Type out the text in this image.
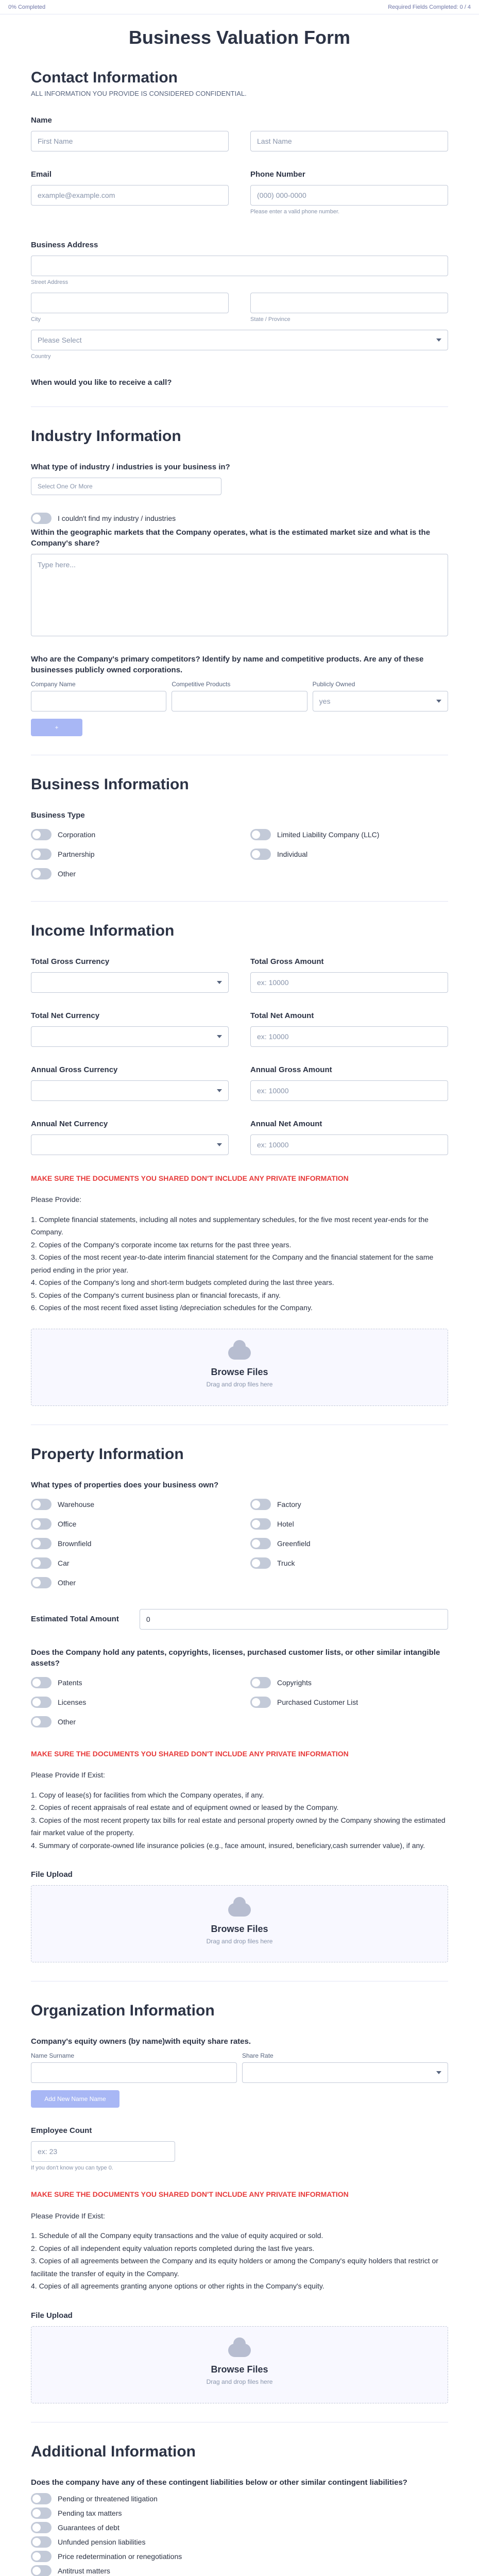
0% Completed	Required Fields Completed: 0 / 4
Business Valuation Form
Contact Information
ALL INFORMATION YOU PROVIDE IS CONSIDERED CONFIDENTIAL.
Name
First Name	Last Name
Email
example@example.com
Phone Number
(000) 000-0000
Please enter a valid phone number.
Business Address
Street Address
City	State / Province
Please Select
Country
When would you like to receive a call?
Industry Information
What type of industry / industries is your business in?
Select One Or More
I couldn't find my industry / industries
Within the geographic markets that the Company operates, what is the estimated market size and what is the Company's share?
Type here...
Who are the Company's primary competitors? Identify by name and competitive products. Are any of these businesses publicly owned corporations.
Company Name	Competitive Products	Publicly Owned
yes
+
Business Information
Business Type
Corporation	Limited Liability Company (LLC)
Partnership	Individual
Other
Income Information
Total Gross Currency	Total Gross Amount
ex: 10000
Total Net Currency	Total Net Amount
ex: 10000
Annual Gross Currency	Annual Gross Amount
ex: 10000
Annual Net Currency	Annual Net Amount
ex: 10000
MAKE SURE THE DOCUMENTS YOU SHARED DON'T INCLUDE ANY PRIVATE INFORMATION
Please Provide:
1. Complete financial statements, including all notes and supplementary schedules, for the five most recent year-ends for the Company.
2. Copies of the Company's corporate income tax returns for the past three years.
3. Copies of the most recent year-to-date interim financial statement for the Company and the financial statement for the same period ending in the prior year.
4. Copies of the Company's long and short-term budgets completed during the last three years.
5. Copies of the Company's current business plan or financial forecasts, if any.
6. Copies of the most recent fixed asset listing /depreciation schedules for the Company.
Browse Files
Drag and drop files here
Property Information
What types of properties does your business own?
Warehouse	Factory
Office	Hotel
Brownfield	Greenfield
Car	Truck
Other
Estimated Total Amount	0
Does the Company hold any patents, copyrights, licenses, purchased customer lists, or other similar intangible assets?
Patents	Copyrights
Licenses	Purchased Customer List
Other
MAKE SURE THE DOCUMENTS YOU SHARED DON'T INCLUDE ANY PRIVATE INFORMATION
Please Provide If Exist:
1. Copy of lease(s) for facilities from which the Company operates, if any.
2. Copies of recent appraisals of real estate and of equipment owned or leased by the Company.
3. Copies of the most recent property tax bills for real estate and personal property owned by the Company showing the estimated fair market value of the property.
4. Summary of corporate-owned life insurance policies (e.g., face amount, insured, beneficiary,cash surrender value), if any.
File Upload
Browse Files
Drag and drop files here
Organization Information
Company's equity owners (by name)with equity share rates.
Name Surname	Share Rate
Add New Name Name
Employee Count
ex: 23
If you don't know you can type 0.
MAKE SURE THE DOCUMENTS YOU SHARED DON'T INCLUDE ANY PRIVATE INFORMATION
Please Provide If Exist:
1. Schedule of all the Company equity transactions and the value of equity acquired or sold.
2. Copies of all independent equity valuation reports completed during the last five years.
3. Copies of all agreements between the Company and its equity holders or among the Company's equity holders that restrict or facilitate the transfer of equity in the Company.
4. Copies of all agreements granting anyone options or other rights in the Company's equity.
File Upload
Browse Files
Drag and drop files here
Additional Information
Does the company have any of these contingent liabilities below or other similar contingent liabilities?
Pending or threatened litigation
Pending tax matters
Guarantees of debt
Unfunded pension liabilities
Price redetermination or renegotiations
Antitrust matters
